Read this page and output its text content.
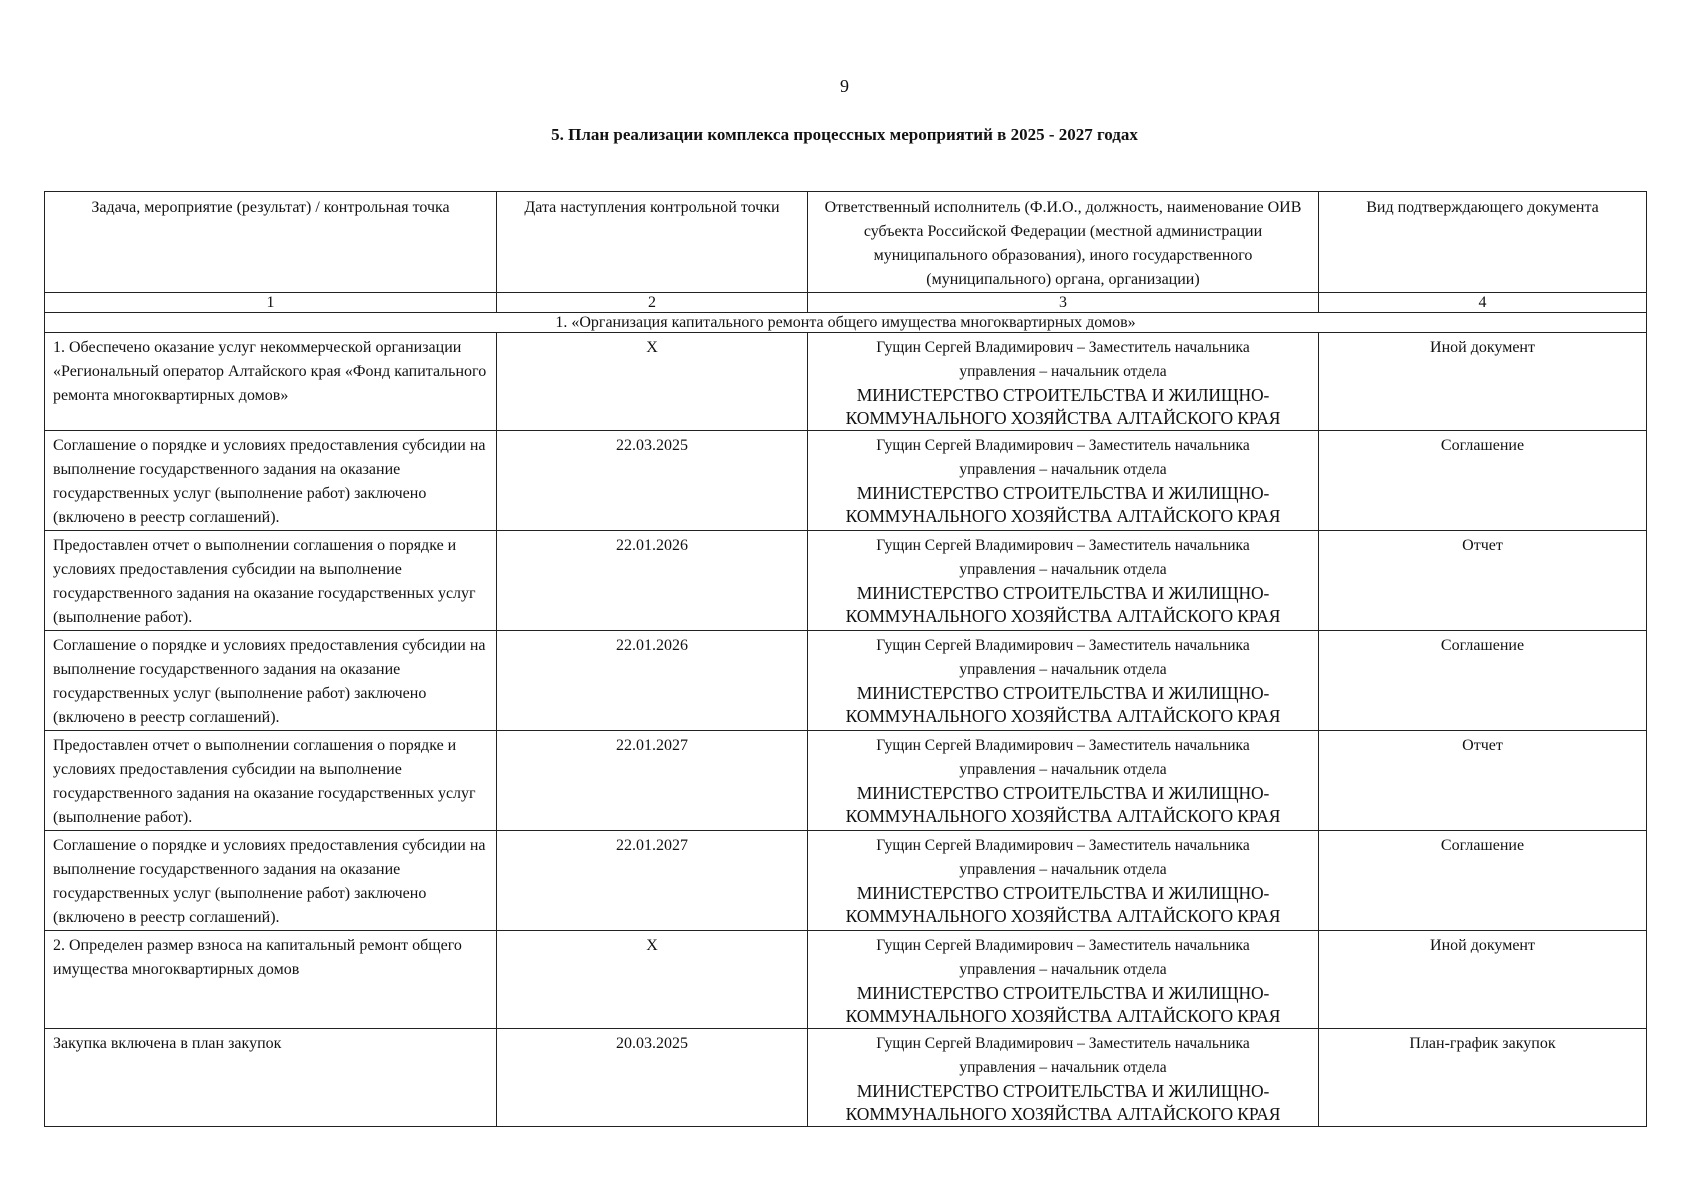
9
5. План реализации комплекса процессных мероприятий в 2025 - 2027 годах
Задача, мероприятие (результат) / контрольная точка	Дата наступления контрольной точки	Ответственный исполнитель (Ф.И.О., должность, наименование ОИВ субъекта Российской Федерации (местной администрации муниципального образования), иного государственного (муниципального) органа, организации)	Вид подтверждающего документа
1	2	3	4
1. «Организация капитального ремонта общего имущества многоквартирных домов»			
1. Обеспечено оказание услуг некоммерческой организации «Региональный оператор Алтайского края «Фонд капитального ремонта многоквартирных домов»	X	Гущин Сергей Владимирович – Заместитель начальника
управления – начальник отдела
МИНИСТЕРСТВО СТРОИТЕЛЬСТВА И ЖИЛИЩНО-КОММУНАЛЬНОГО ХОЗЯЙСТВА АЛТАЙСКОГО КРАЯ	Иной документ
Соглашение о порядке и условиях предоставления субсидии на выполнение государственного задания на оказание государственных услуг (выполнение работ) заключено (включено в реестр соглашений).	22.03.2025	Гущин Сергей Владимирович – Заместитель начальника
управления – начальник отдела
МИНИСТЕРСТВО СТРОИТЕЛЬСТВА И ЖИЛИЩНО-КОММУНАЛЬНОГО ХОЗЯЙСТВА АЛТАЙСКОГО КРАЯ	Соглашение
Предоставлен отчет о выполнении соглашения о порядке и условиях предоставления субсидии на выполнение государственного задания на оказание государственных услуг (выполнение работ).	22.01.2026	Гущин Сергей Владимирович – Заместитель начальника
управления – начальник отдела
МИНИСТЕРСТВО СТРОИТЕЛЬСТВА И ЖИЛИЩНО-КОММУНАЛЬНОГО ХОЗЯЙСТВА АЛТАЙСКОГО КРАЯ	Отчет
Соглашение о порядке и условиях предоставления субсидии на выполнение государственного задания на оказание государственных услуг (выполнение работ) заключено (включено в реестр соглашений).	22.01.2026	Гущин Сергей Владимирович – Заместитель начальника
управления – начальник отдела
МИНИСТЕРСТВО СТРОИТЕЛЬСТВА И ЖИЛИЩНО-КОММУНАЛЬНОГО ХОЗЯЙСТВА АЛТАЙСКОГО КРАЯ	Соглашение
Предоставлен отчет о выполнении соглашения о порядке и условиях предоставления субсидии на выполнение государственного задания на оказание государственных услуг (выполнение работ).	22.01.2027	Гущин Сергей Владимирович – Заместитель начальника
управления – начальник отдела
МИНИСТЕРСТВО СТРОИТЕЛЬСТВА И ЖИЛИЩНО-КОММУНАЛЬНОГО ХОЗЯЙСТВА АЛТАЙСКОГО КРАЯ	Отчет
Соглашение о порядке и условиях предоставления субсидии на выполнение государственного задания на оказание государственных услуг (выполнение работ) заключено (включено в реестр соглашений).	22.01.2027	Гущин Сергей Владимирович – Заместитель начальника
управления – начальник отдела
МИНИСТЕРСТВО СТРОИТЕЛЬСТВА И ЖИЛИЩНО-КОММУНАЛЬНОГО ХОЗЯЙСТВА АЛТАЙСКОГО КРАЯ	Соглашение
2. Определен размер взноса на капитальный ремонт общего имущества многоквартирных домов	X	Гущин Сергей Владимирович – Заместитель начальника
управления – начальник отдела
МИНИСТЕРСТВО СТРОИТЕЛЬСТВА И ЖИЛИЩНО-КОММУНАЛЬНОГО ХОЗЯЙСТВА АЛТАЙСКОГО КРАЯ	Иной документ
Закупка включена в план закупок	20.03.2025	Гущин Сергей Владимирович – Заместитель начальника
управления – начальник отдела
МИНИСТЕРСТВО СТРОИТЕЛЬСТВА И ЖИЛИЩНО-КОММУНАЛЬНОГО ХОЗЯЙСТВА АЛТАЙСКОГО КРАЯ	План-график закупок
